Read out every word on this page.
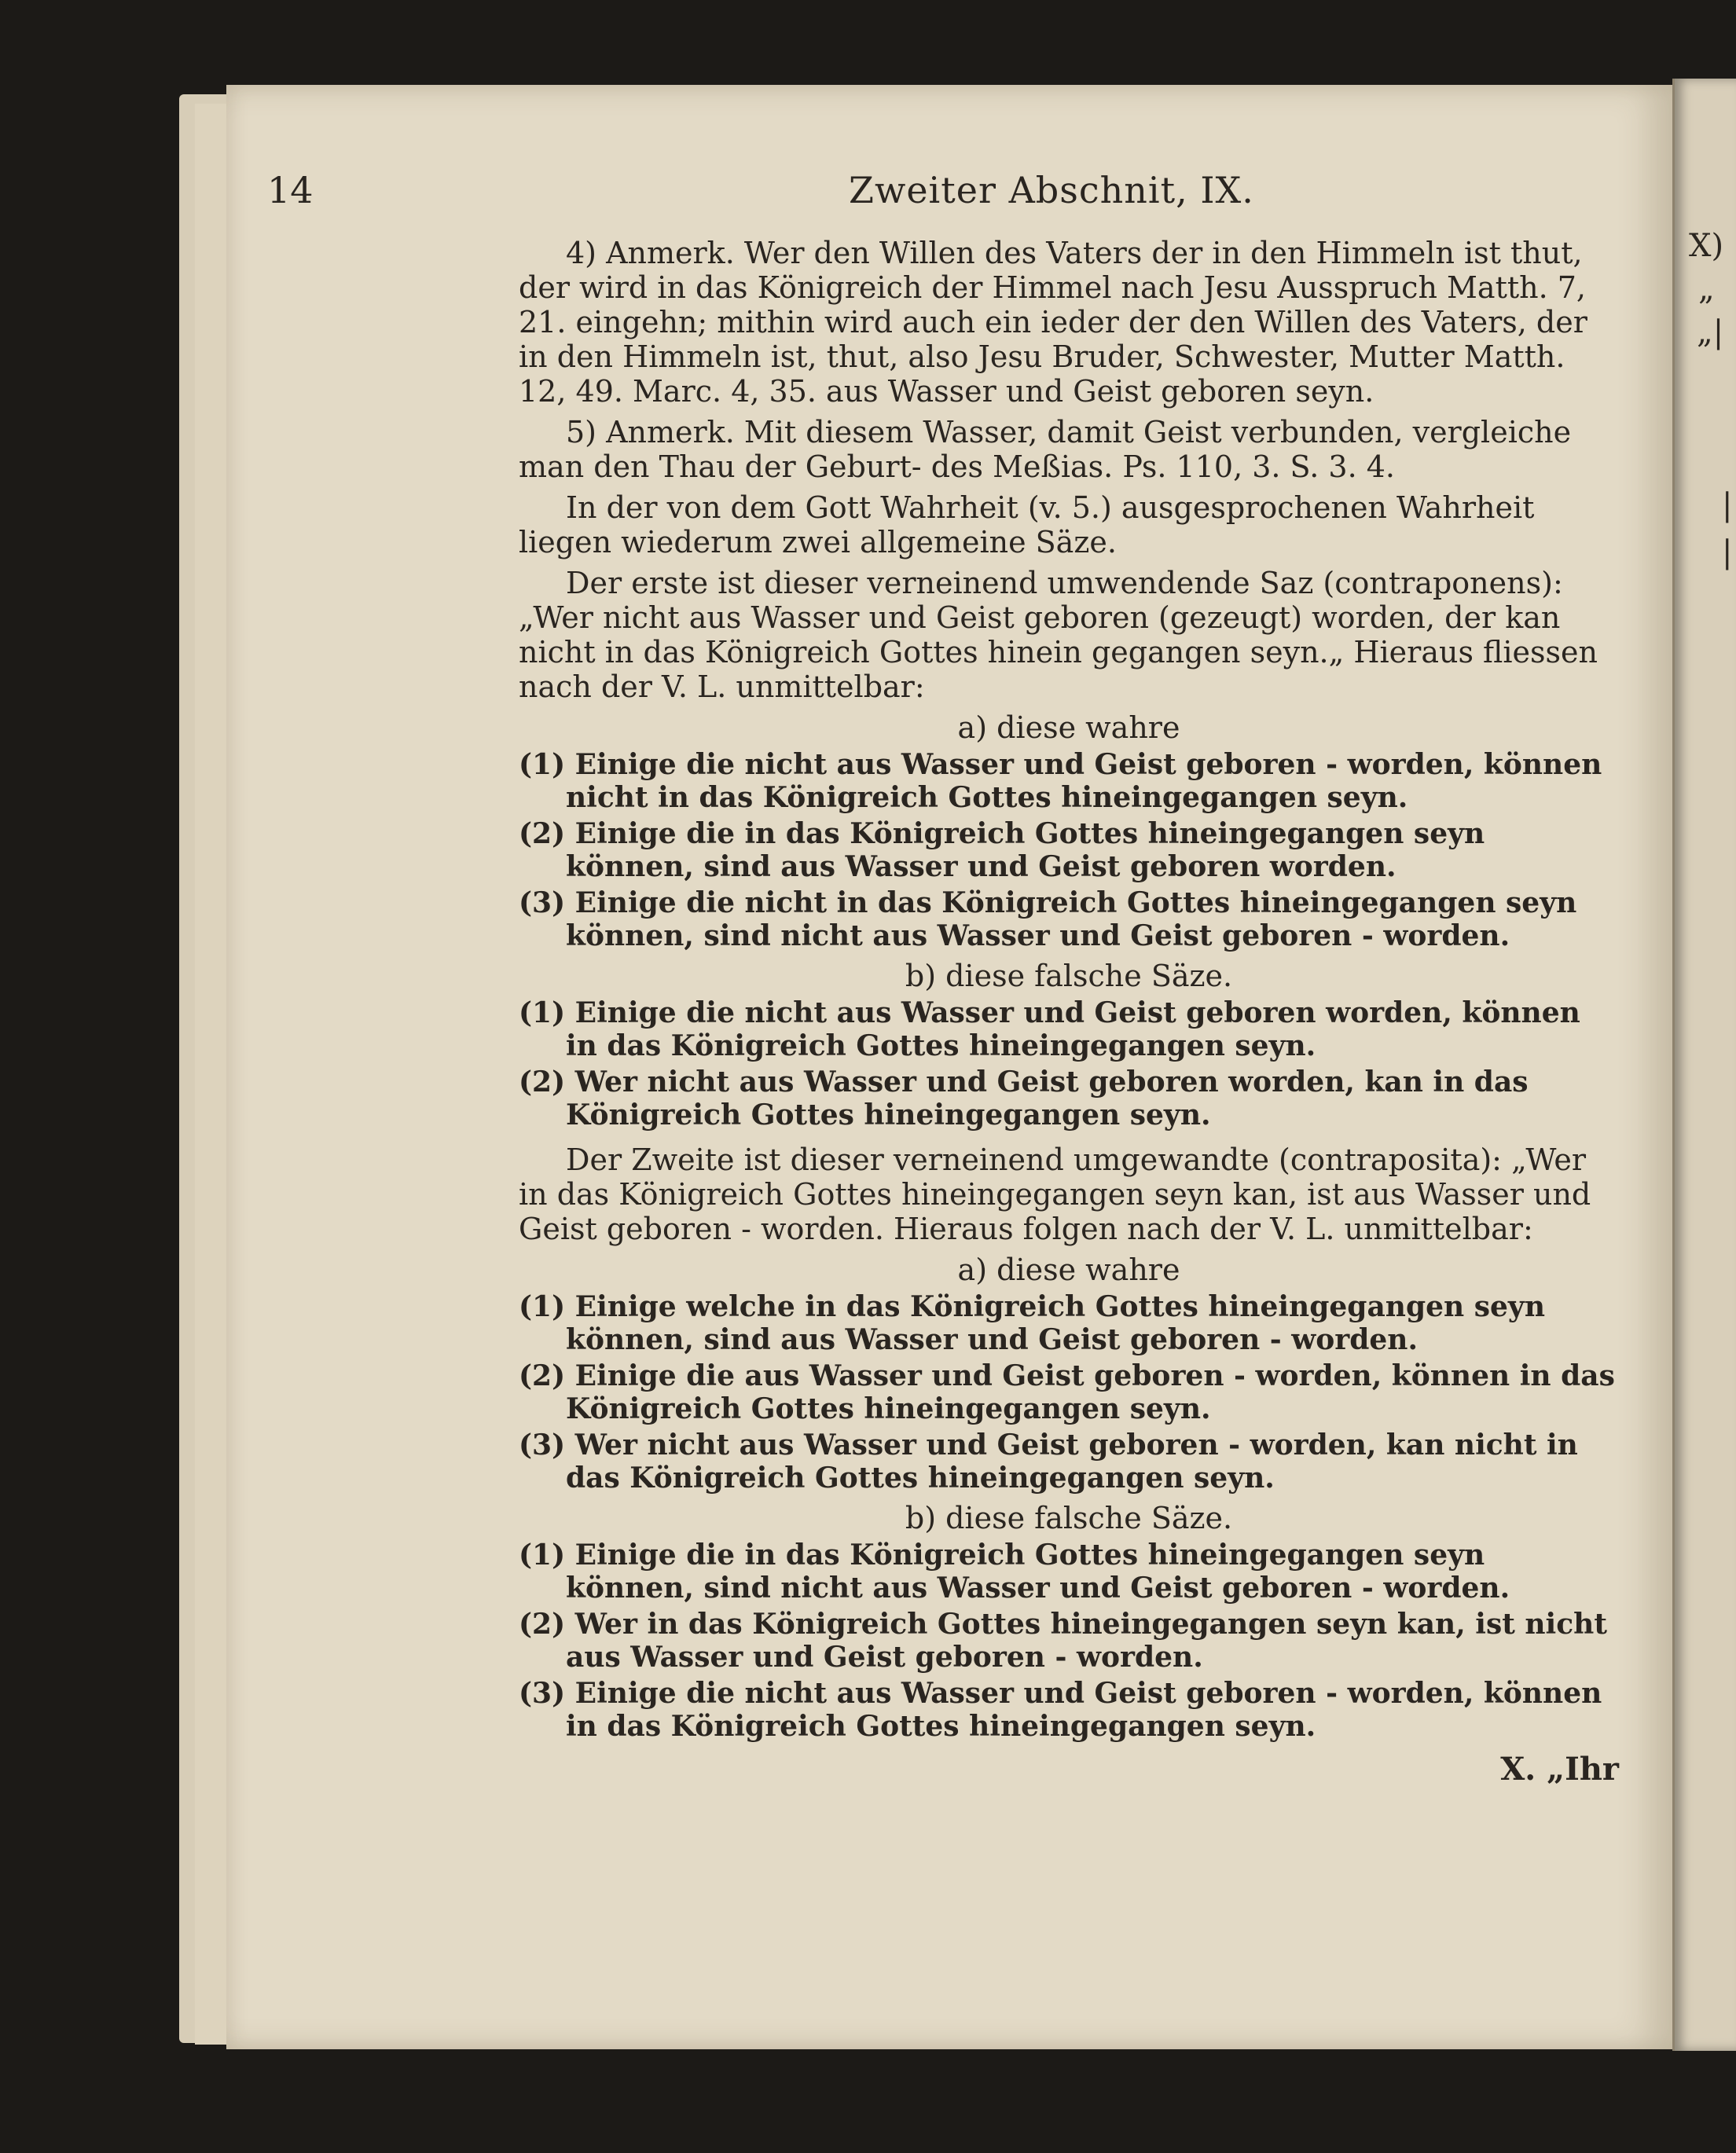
X)
„
„|
|
|
14	Zweiter Abschnit, IX.

4) Anmerk. Wer den Willen des Vaters der in den Himmeln ist thut, der wird in das Königreich der Himmel nach Jesu Ausspruch Matth. 7, 21. eingehn; mithin wird auch ein ieder der den Willen des Vaters, der in den Himmeln ist, thut, also Jesu Bruder, Schwester, Mutter Matth. 12, 49. Marc. 4, 35. aus Wasser und Geist geboren seyn.

5) Anmerk. Mit diesem Wasser, damit Geist verbunden, vergleiche man den Thau der Geburt- des Meßias. Ps. 110, 3. S. 3. 4.

In der von dem Gott Wahrheit (v. 5.) ausgesprochenen Wahrheit liegen wiederum zwei allgemeine Säze.

Der erste ist dieser verneinend umwendende Saz (contraponens): „Wer nicht aus Wasser und Geist geboren (gezeugt) worden, der kan nicht in das Königreich Gottes hinein gegangen seyn.„ Hieraus fliessen nach der V. L. unmittelbar:

a) diese wahre
(1) Einige die nicht aus Wasser und Geist geboren - worden, können nicht in das Königreich Gottes hineingegangen seyn.
(2) Einige die in das Königreich Gottes hineingegangen seyn können, sind aus Wasser und Geist geboren worden.
(3) Einige die nicht in das Königreich Gottes hineingegangen seyn können, sind nicht aus Wasser und Geist geboren - worden.
b) diese falsche Säze.
(1) Einige die nicht aus Wasser und Geist geboren worden, können in das Königreich Gottes hineingegangen seyn.
(2) Wer nicht aus Wasser und Geist geboren worden, kan in das Königreich Gottes hineingegangen seyn.

Der Zweite ist dieser verneinend umgewandte (contraposita): „Wer in das Königreich Gottes hineingegangen seyn kan, ist aus Wasser und Geist geboren - worden. Hieraus folgen nach der V. L. unmittelbar:

a) diese wahre
(1) Einige welche in das Königreich Gottes hineingegangen seyn können, sind aus Wasser und Geist geboren - worden.
(2) Einige die aus Wasser und Geist geboren - worden, können in das Königreich Gottes hineingegangen seyn.
(3) Wer nicht aus Wasser und Geist geboren - worden, kan nicht in das Königreich Gottes hineingegangen seyn.
b) diese falsche Säze.
(1) Einige die in das Königreich Gottes hineingegangen seyn können, sind nicht aus Wasser und Geist geboren - worden.
(2) Wer in das Königreich Gottes hineingegangen seyn kan, ist nicht aus Wasser und Geist geboren - worden.
(3) Einige die nicht aus Wasser und Geist geboren - worden, können in das Königreich Gottes hineingegangen seyn.
X. „Ihr
